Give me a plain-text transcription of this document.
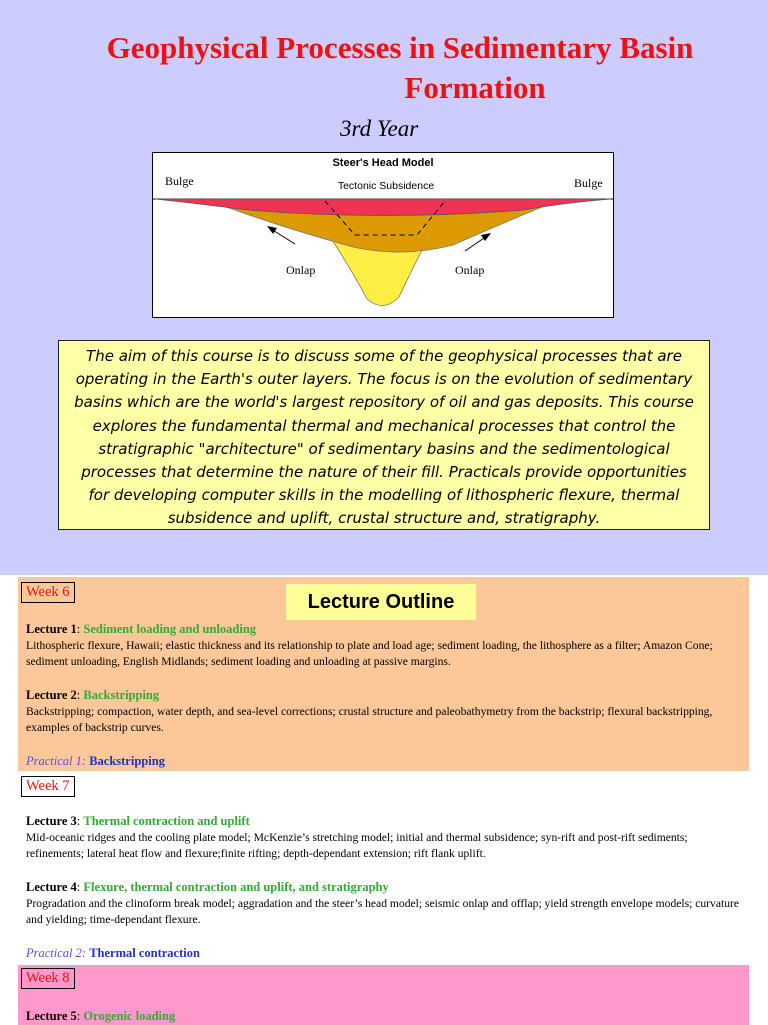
Geophysical Processes in Sedimentary Basin
Formation
3rd Year
Steer's Head Model
Bulge	Bulge
Tectonic Subsidence
Onlap	Onlap
The aim of this course is to discuss some of the geophysical processes that are operating in the Earth's outer layers. The focus is on the evolution of sedimentary basins which are the world's largest repository of oil and gas deposits. This course explores the fundamental thermal and mechanical processes that control the stratigraphic "architecture" of sedimentary basins and the sedimentological processes that determine the nature of their fill. Practicals provide opportunities for developing computer skills in the modelling of lithospheric flexure, thermal subsidence and uplift, crustal structure and, stratigraphy.
Week 6	Lecture Outline
Lecture 1: Sediment loading and unloading
Lithospheric flexure, Hawaii; elastic thickness and its relationship to plate and load age; sediment loading, the lithosphere as a filter; Amazon Cone; sediment unloading, English Midlands; sediment loading and unloading at passive margins.
Lecture 2: Backstripping
Backstripping; compaction, water depth, and sea-level corrections; crustal structure and paleobathymetry from the backstrip; flexural backstripping, examples of backstrip curves.
Practical 1: Backstripping
Week 7
Lecture 3: Thermal contraction and uplift
Mid-oceanic ridges and the cooling plate model; McKenzie’s stretching model; initial and thermal subsidence; syn-rift and post-rift sediments; refinements; lateral heat flow and flexure;finite rifting; depth-dependant extension; rift flank uplift.
Lecture 4: Flexure, thermal contraction and uplift, and stratigraphy
Progradation and the clinoform break model; aggradation and the steer’s head model; seismic onlap and offlap; yield strength envelope models; curvature and yielding; time-dependant flexure.
Practical 2: Thermal contraction
Week 8
Lecture 5: Orogenic loading
